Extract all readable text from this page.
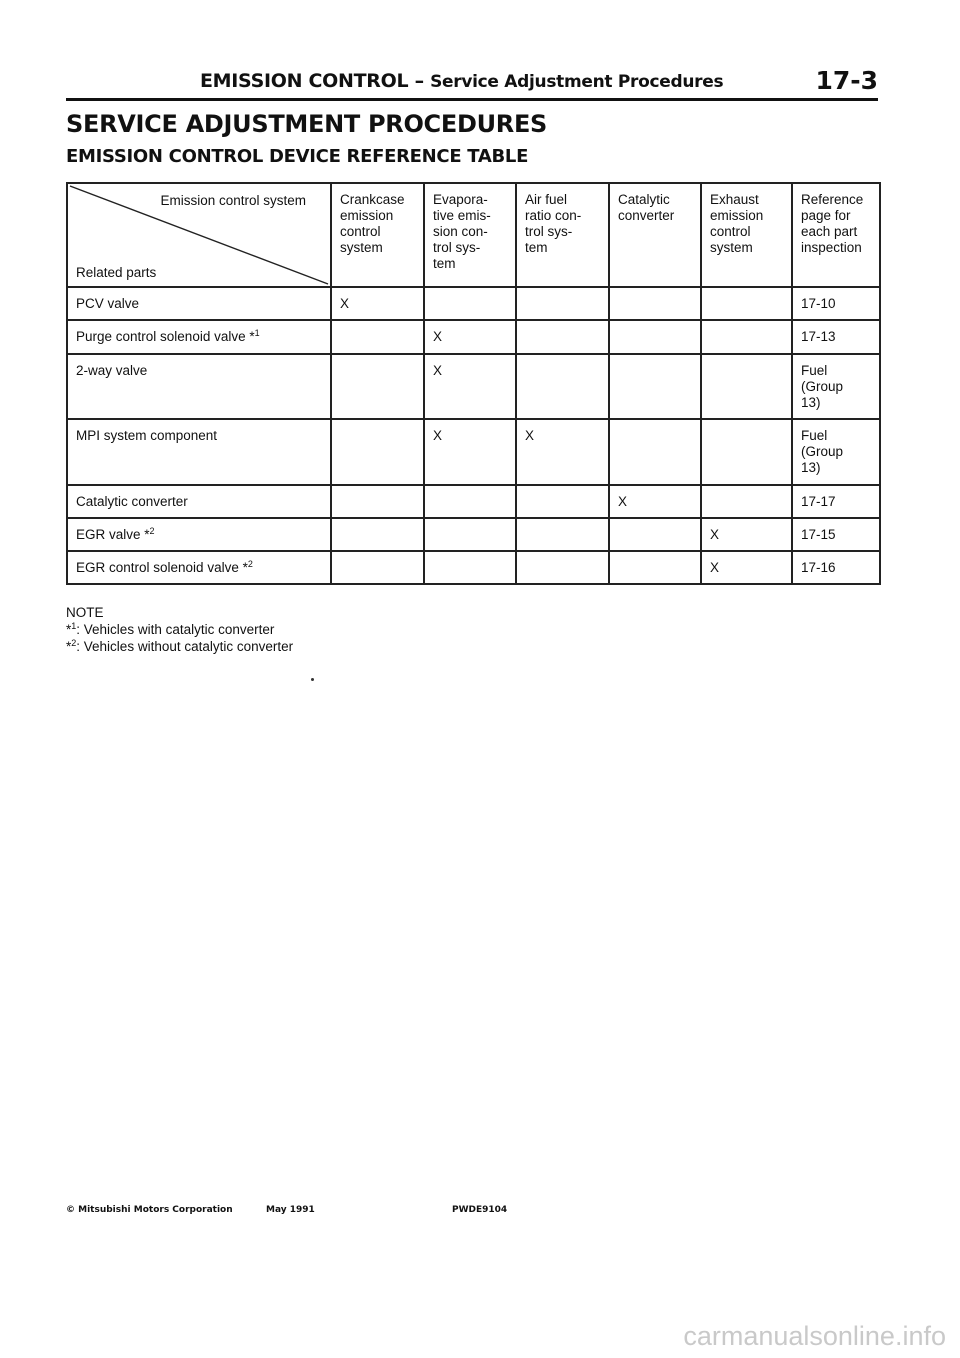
EMISSION CONTROL – Service Adjustment Procedures	17-3
SERVICE ADJUSTMENT PROCEDURES
EMISSION CONTROL DEVICE REFERENCE TABLE
Emission control system
Related parts	Crankcase
emission
control
system	Evapora-
tive emis-
sion con-
trol sys-
tem	Air fuel
ratio con-
trol sys-
tem	Catalytic
converter	Exhaust
emission
control
system	Reference
page for
each part
inspection

PCV valve	X					17-10
Purge control solenoid valve *$^1$		X				17-13
2-way valve		X				Fuel
(Group
13)
MPI system component		X	X			Fuel
(Group
13)
Catalytic converter				X		17-17
EGR valve *$^2$					X	17-15
EGR control solenoid valve *$^2$					X	17-16
NOTE
*$^1$: Vehicles with catalytic converter
*$^2$: Vehicles without catalytic converter
© Mitsubishi Motors Corporation	May 1991	PWDE9104
carmanualsonline.info
